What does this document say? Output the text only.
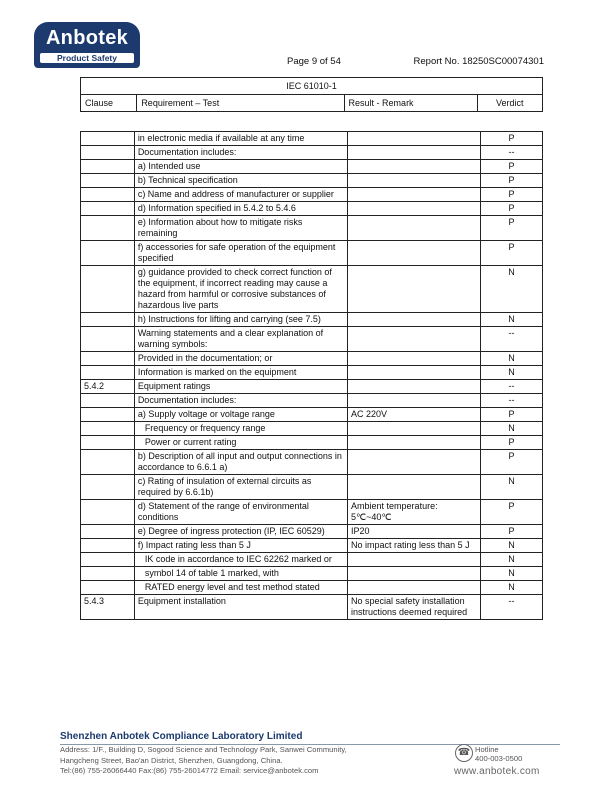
Anbotek
Product Safety	Page 9 of 54	Report No. 18250SC00074301
IEC 61010-1
Clause	Requirement – Test	Result - Remark	Verdict
	in electronic media if available at any time		P
	Documentation includes:		--
	a) Intended use		P
	b) Technical specification		P
	c) Name and address of manufacturer or supplier		P
	d) Information specified in 5.4.2 to 5.4.6		P
	e) Information about how to mitigate risks remaining		P
	f) accessories for safe operation of the equipment specified		P
	g) guidance provided to check correct function of the equipment, if incorrect reading may cause a hazard from harmful or corrosive substances of hazardous live parts		N
	h) Instructions for lifting and carrying (see 7.5)		N
	Warning statements and a clear explanation of warning symbols:		--
	Provided in the documentation; or		N
	Information is marked on the equipment		N
5.4.2	Equipment ratings		--
	Documentation includes:		--
	a) Supply voltage or voltage range	AC 220V	P
	Frequency or frequency range		N
	Power or current rating		P
	b) Description of all input and output connections in accordance to 6.6.1 a)		P
	c) Rating of insulation of external circuits as required by 6.6.1b)		N
	d) Statement of the range of environmental conditions	Ambient temperature: 5℃~40℃	P
	e) Degree of ingress protection (IP, IEC 60529)	IP20	P
	f) Impact rating less than 5 J	No impact rating less than 5 J	N
	IK code in accordance to IEC 62262 marked or		N
	symbol 14 of table 1 marked, with		N
	RATED energy level and test method stated		N
5.4.3	Equipment installation	No special safety installation instructions deemed required	--
Shenzhen Anbotek Compliance Laboratory Limited
Address: 1/F., Building D, Sogood Science and Technology Park, Sanwei Community,
Hangcheng Street, Bao'an District, Shenzhen, Guangdong, China.
Tel:(86) 755-26066440 Fax:(86) 755-26014772 Email: service@anbotek.com
☎ Hotline
400-003-0500
www.anbotek.com
